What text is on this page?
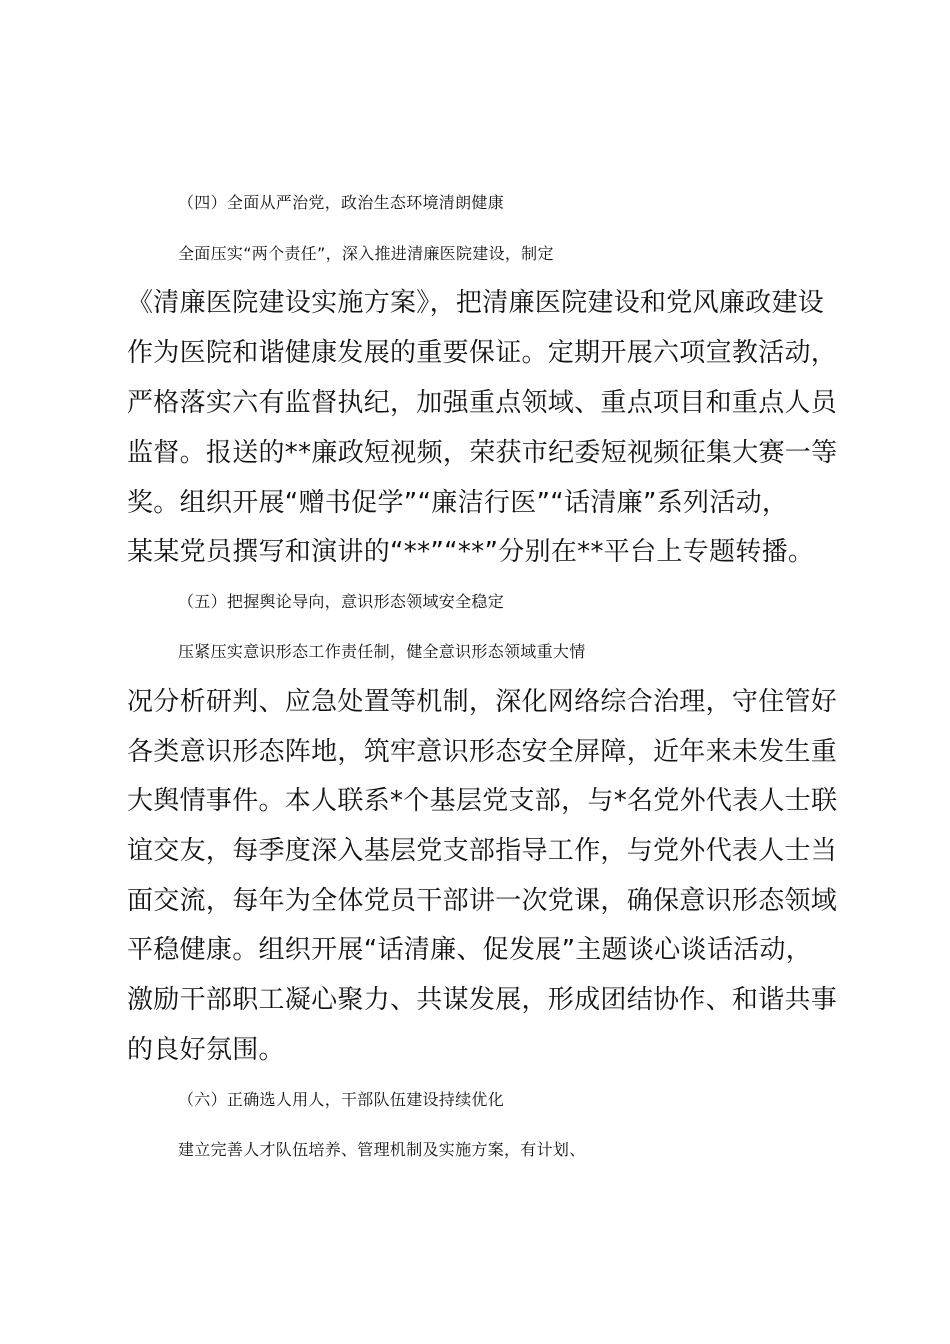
（四）全面从严治党，政治生态环境清朗健康
全面压实“两个责任”，深入推进清廉医院建设，制定
《清廉医院建设实施方案》，把清廉医院建设和党风廉政建设
作为医院和谐健康发展的重要保证。定期开展六项宣教活动，
严格落实六有监督执纪，加强重点领域、重点项目和重点人员
监督。报送的**廉政短视频，荣获市纪委短视频征集大赛一等
奖。组织开展“赠书促学”“廉洁行医”“话清廉”系列活动，
某某党员撰写和演讲的“**”“**”分别在**平台上专题转播。
（五）把握舆论导向，意识形态领域安全稳定
压紧压实意识形态工作责任制，健全意识形态领域重大情
况分析研判、应急处置等机制，深化网络综合治理，守住管好
各类意识形态阵地，筑牢意识形态安全屏障，近年来未发生重
大舆情事件。本人联系*个基层党支部，与*名党外代表人士联
谊交友，每季度深入基层党支部指导工作，与党外代表人士当
面交流，每年为全体党员干部讲一次党课，确保意识形态领域
平稳健康。组织开展“话清廉、促发展”主题谈心谈话活动，
激励干部职工凝心聚力、共谋发展，形成团结协作、和谐共事
的良好氛围。
（六）正确选人用人，干部队伍建设持续优化
建立完善人才队伍培养、管理机制及实施方案，有计划、
